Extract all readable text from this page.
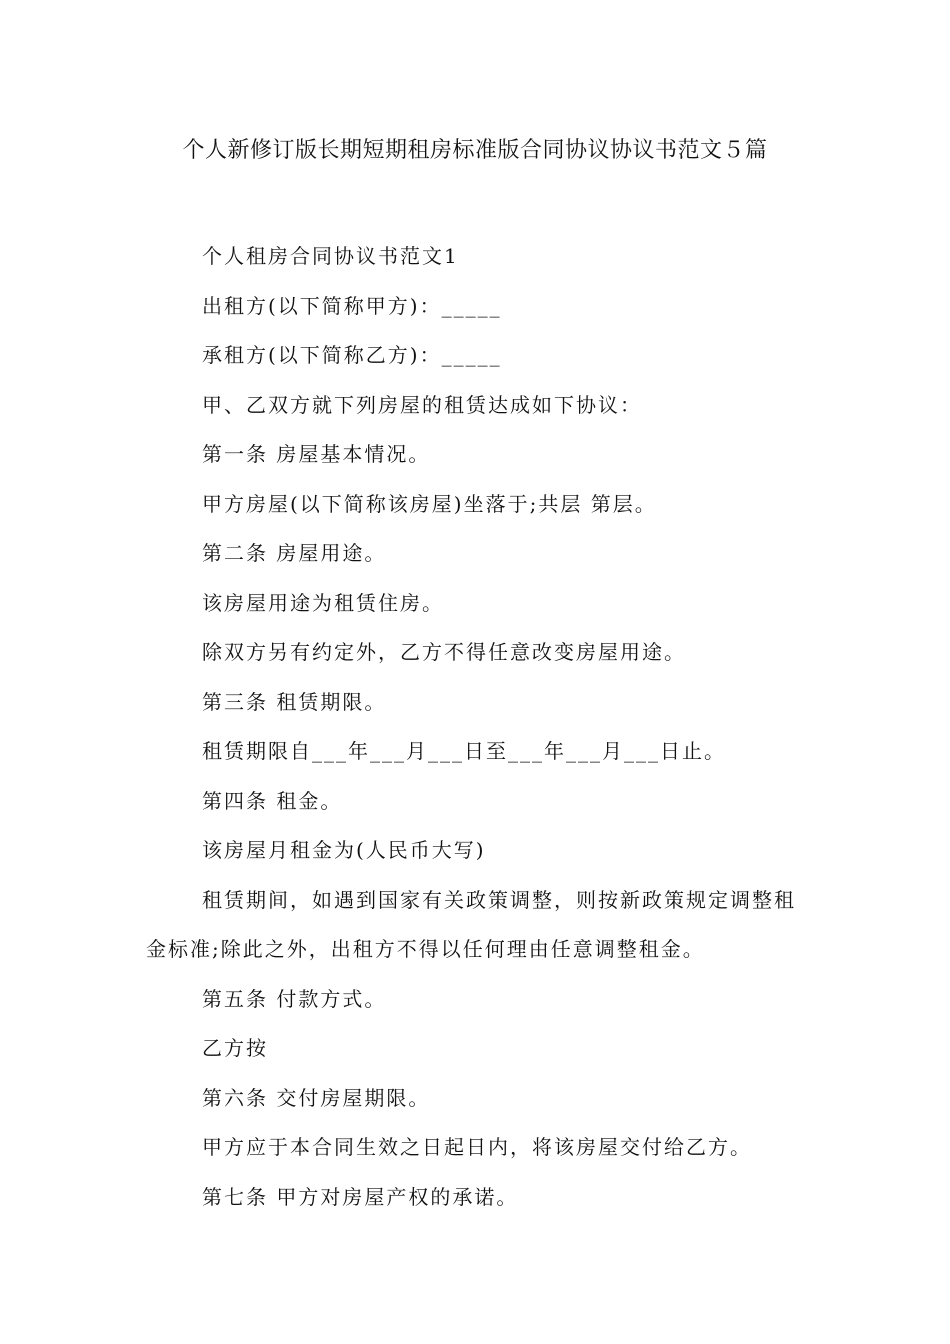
个人新修订版长期短期租房标准版合同协议协议书范文５篇

个人租房合同协议书范文1

出租方(以下简称甲方)：_____

承租方(以下简称乙方)：_____

甲、乙双方就下列房屋的租赁达成如下协议：

第一条 房屋基本情况。

甲方房屋(以下简称该房屋)坐落于;共层 第层。

第二条 房屋用途。

该房屋用途为租赁住房。

除双方另有约定外，乙方不得任意改变房屋用途。

第三条 租赁期限。

租赁期限自___年___月___日至___年___月___日止。

第四条 租金。

该房屋月租金为(人民币大写)

租赁期间，如遇到国家有关政策调整，则按新政策规定调整租金标准;除此之外，出租方不得以任何理由任意调整租金。

第五条 付款方式。

乙方按

第六条 交付房屋期限。

甲方应于本合同生效之日起日内，将该房屋交付给乙方。

第七条 甲方对房屋产权的承诺。
